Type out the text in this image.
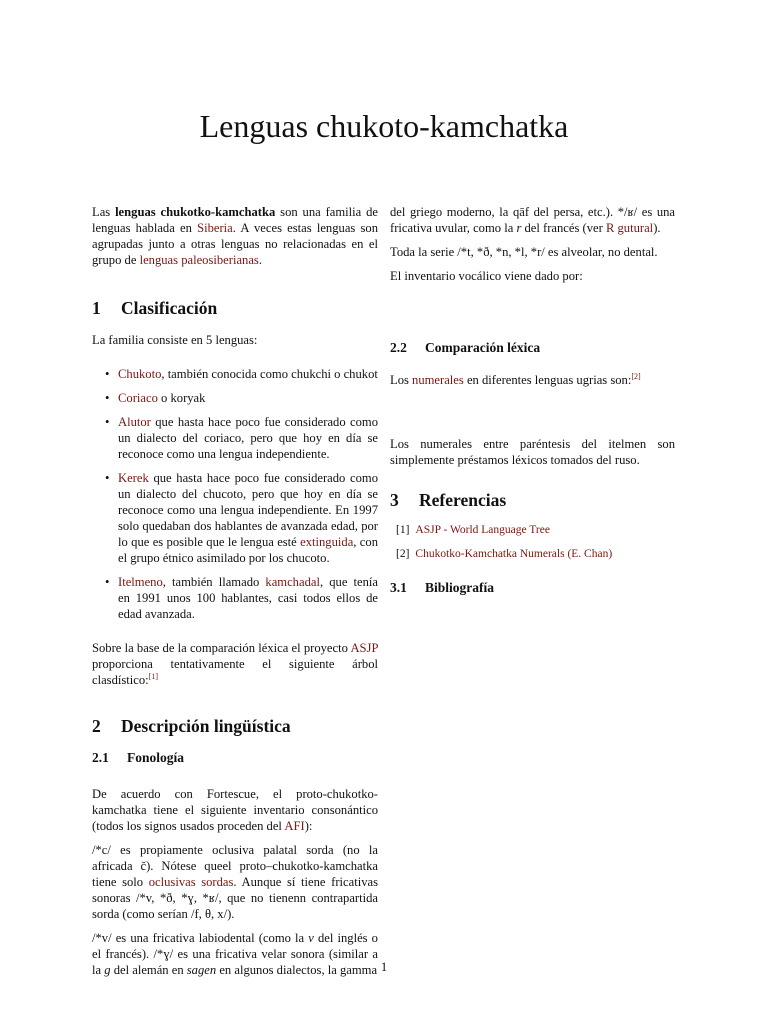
Lenguas chukoto-kamchatka

Las lenguas chukotko-kamchatka son una familia de lenguas hablada en Siberia. A veces estas lenguas son agrupadas junto a otras lenguas no relacionadas en el grupo de lenguas paleosiberianas.

1	Clasificación

La familia consiste en 5 lenguas:

• Chukoto, también conocida como chukchi o chukot
• Coriaco o koryak
• Alutor que hasta hace poco fue considerado como un dialecto del coriaco, pero que hoy en día se reconoce como una lengua independiente.
• Kerek que hasta hace poco fue considerado como un dialecto del chucoto, pero que hoy en día se reconoce como una lengua independiente. En 1997 solo quedaban dos hablantes de avanzada edad, por lo que es posible que le lengua esté extinguida, con el grupo étnico asimilado por los chucoto.
• Itelmeno, también llamado kamchadal, que tenía en 1991 unos 100 hablantes, casi todos ellos de edad avanzada.

Sobre la base de la comparación léxica el proyecto ASJP proporciona tentativamente el siguiente árbol clasdístico:[1]

2	Descripción lingüística
2.1	Fonología

De acuerdo con Fortescue, el proto-chukotko-kamchatka tiene el siguiente inventario consonántico (todos los signos usados proceden del AFI):

/*c/ es propiamente oclusiva palatal sorda (no la africada č). Nótese queel proto–chukotko-kamchatka tiene solo oclusivas sordas. Aunque sí tiene fricativas sonoras /*v, *ð, *ɣ, *ʁ/, que no tienenn contrapartida sorda (como serían /f, θ, x/).

/*v/ es una fricativa labiodental (como la v del inglés o el francés). /*ɣ/ es una fricativa velar sonora (similar a la g del alemán en sagen en algunos dialectos, la gamma

del griego moderno, la qāf del persa, etc.). */ʁ/ es una fricativa uvular, como la r del francés (ver R gutural).

Toda la serie /*t, *ð, *n, *l, *r/ es alveolar, no dental.

El inventario vocálico viene dado por:

2.2	Comparación léxica

Los numerales en diferentes lenguas ugrias son:[2]

Los numerales entre paréntesis del itelmen son simplemente préstamos léxicos tomados del ruso.

3	Referencias
[1] ASJP - World Language Tree
[2] Chukotko-Kamchatka Numerals (E. Chan)
3.1	Bibliografía
1
